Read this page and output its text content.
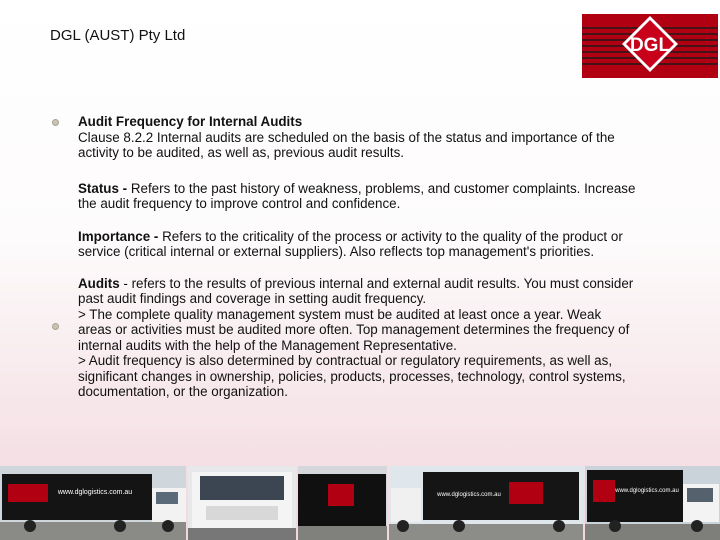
DGL (AUST) Pty Ltd	DGL

Audit Frequency for Internal Audits

Clause 8.2.2 Internal audits are scheduled on the basis of the status and importance of the activity to be audited, as well as, previous audit results.

Status - Refers to the past history of weakness, problems, and customer complaints. Increase the audit frequency to improve control and confidence.

Importance - Refers to the criticality of the process or activity to the quality of the product or service (critical internal or external suppliers). Also reflects top management's priorities.

Audits - refers to the results of previous internal and external audit results. You must consider past audit findings and coverage in setting audit frequency.

> The complete quality management system must be audited at least once a year. Weak areas or activities must be audited more often. Top management determines the frequency of internal audits with the help of the Management Representative.

> Audit frequency is also determined by contractual or regulatory requirements, as well as, significant changes in ownership, policies, products, processes, technology, control systems, documentation, or the organization.

www.dglogistics.com.au	www.dglogistics.com.au
www.dglogistics.com.au
